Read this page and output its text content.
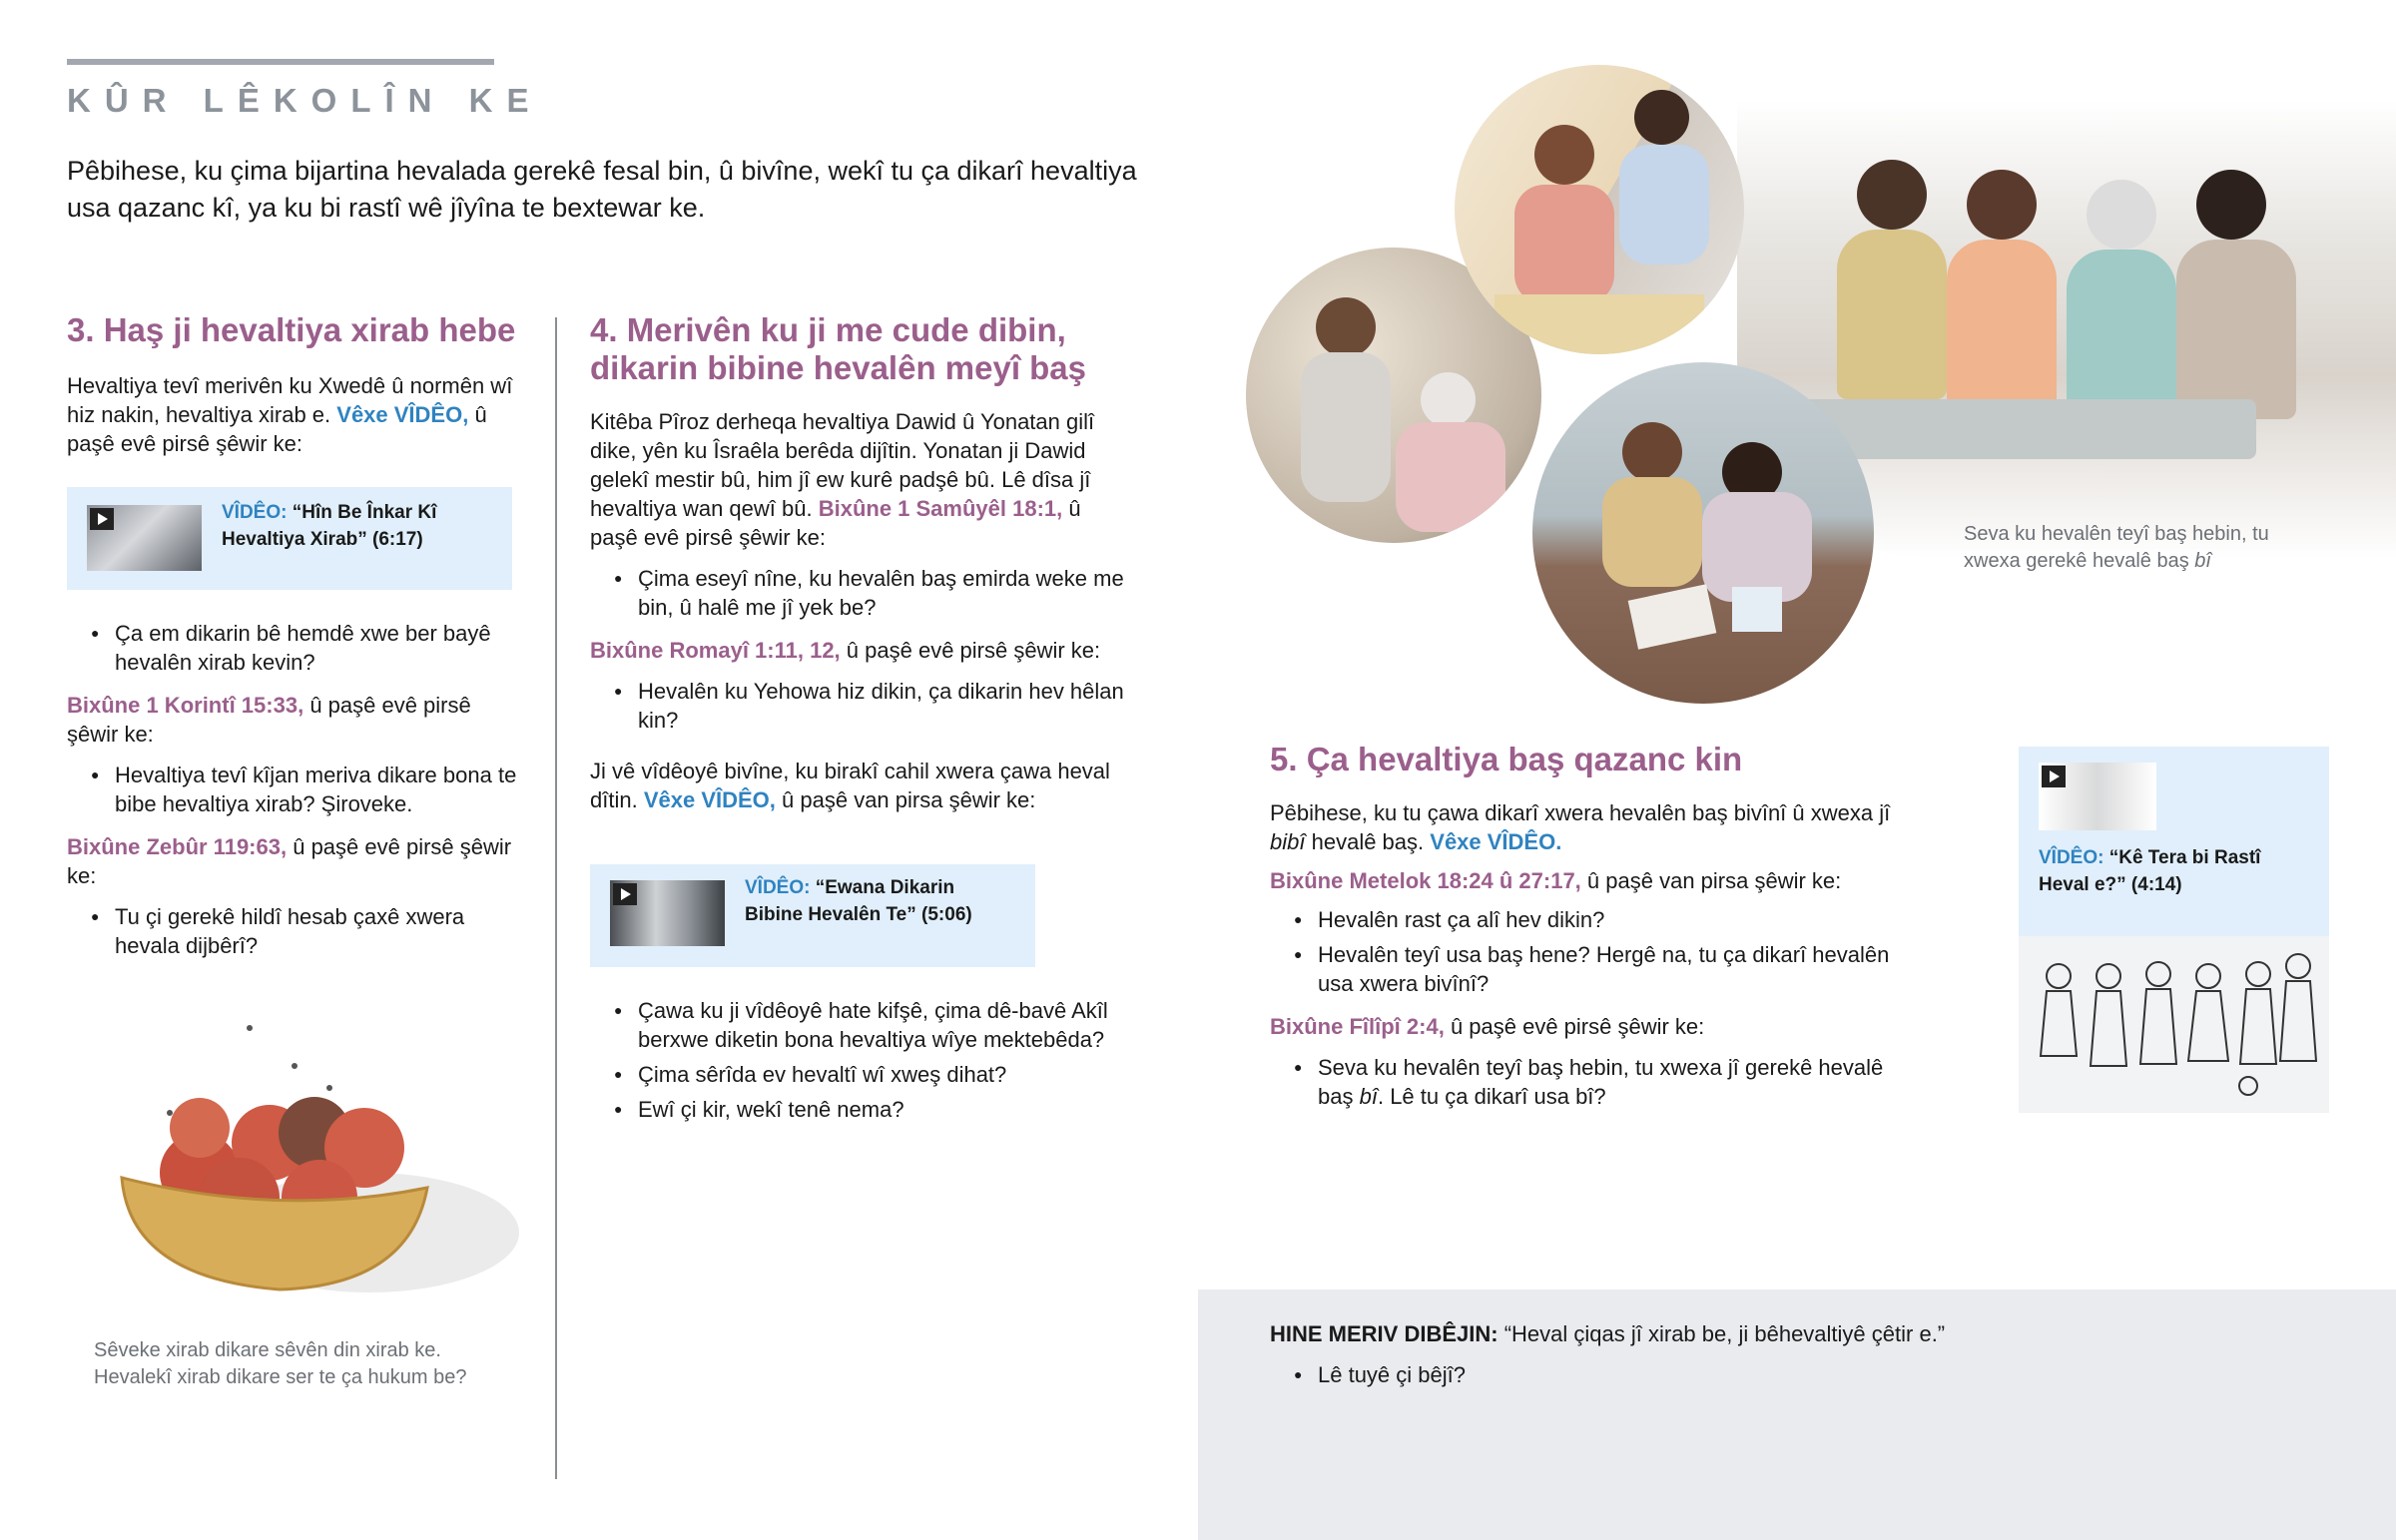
KÛR LÊKOLÎN KE

Pêbihese, ku çima bijartina hevalada gerekê fesal bin, û bivîne, wekî tu ça dikarî hevaltiya usa qazanc kî, ya ku bi rastî wê jîyîna te bextewar ke.

3. Haş ji hevaltiya xirab hebe

Hevaltiya tevî merivên ku Xwedê û normên wî hiz nakin, hevaltiya xirab e. Vêxe VÎDÊO, û paşê evê pirsê şêwir ke:

VÎDÊO: “Hîn Be Înkar Kî Hevaltiya Xirab” (6:17)
● Ça em dikarin bê hemdê xwe ber bayê hevalên xirab kevin?

Bixûne 1 Korintî 15:33, û paşê evê pirsê şêwir ke:

● Hevaltiya tevî kîjan meriva dikare bona te bibe hevaltiya xirab? Şiroveke.

Bixûne Zebûr 119:63, û paşê evê pirsê şêwir ke:

● Tu çi gerekê hildî hesab çaxê xwera hevala dijbêrî?
Sêveke xirab dikare sêvên din xirab ke. Hevalekî xirab dikare ser te ça hukum be?
4. Merivên ku ji me cude dibin, dikarin bibine hevalên meyî baş

Kitêba Pîroz derheqa hevaltiya Dawid û Yonatan gilî dike, yên ku Îsraêla berêda dijîtin. Yonatan ji Dawid gelekî mestir bû, him jî ew kurê padşê bû. Lê dîsa jî hevaltiya wan qewî bû. Bixûne 1 Samûyêl 18:1, û paşê evê pirsê şêwir ke:

● Çima eseyî nîne, ku hevalên baş emirda weke me bin, û halê me jî yek be?

Bixûne Romayî 1:11, 12, û paşê evê pirsê şêwir ke:

● Hevalên ku Yehowa hiz dikin, ça dikarin hev hêlan kin?

Ji vê vîdêoyê bivîne, ku birakî cahil xwera çawa heval dîtin. Vêxe VÎDÊO, û paşê van pirsa şêwir ke:

VÎDÊO: “Ewana Dikarin Bibine Hevalên Te” (5:06)
● Çawa ku ji vîdêoyê hate kifşê, çima dê-bavê Akîl berxwe diketin bona hevaltiya wîye mektebêda?
● Çima sêrîda ev hevaltî wî xweş dihat?
● Ewî çi kir, wekî tenê nema?
Seva ku hevalên teyî baş hebin, tu xwexa gerekê hevalê baş bî
5. Ça hevaltiya baş qazanc kin

Pêbihese, ku tu çawa dikarî xwera hevalên baş bivînî û xwexa jî bibî hevalê baş. Vêxe VÎDÊO.

Bixûne Metelok 18:24 û 27:17, û paşê van pirsa şêwir ke:

● Hevalên rast ça alî hev dikin?
● Hevalên teyî usa baş hene? Hergê na, tu ça dikarî hevalên usa xwera bivînî?

Bixûne Fîlîpî 2:4, û paşê evê pirsê şêwir ke:

● Seva ku hevalên teyî baş hebin, tu xwexa jî gerekê hevalê baş bî. Lê tu ça dikarî usa bî?
VÎDÊO: “Kê Tera bi Rastî Heval e?” (4:14)

HINE MERIV DIBÊJIN: “Heval çiqas jî xirab be, ji bêhevaltiyê çêtir e.”

● Lê tuyê çi bêjî?
